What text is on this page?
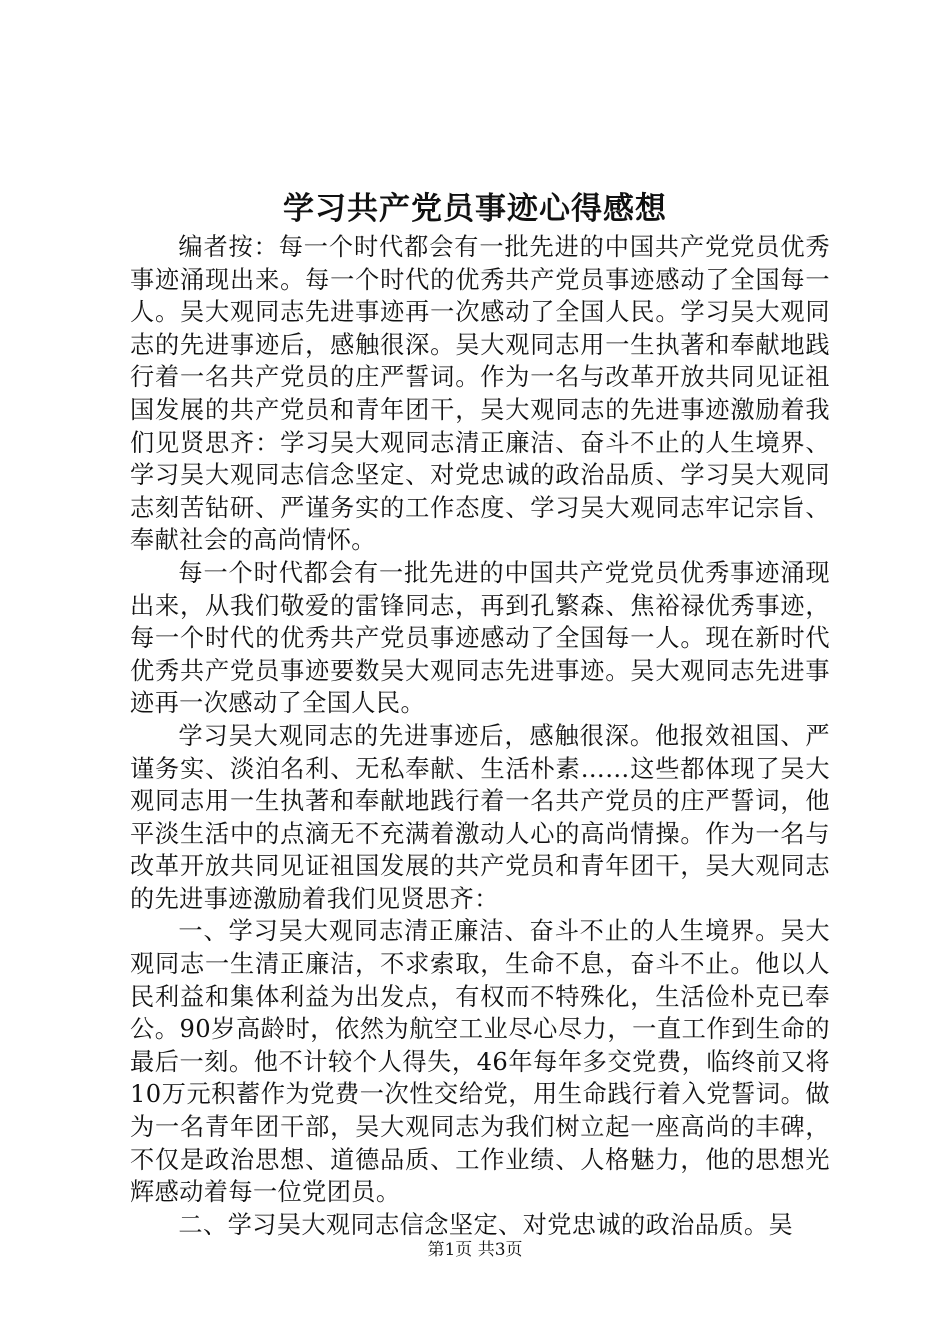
学习共产党员事迹心得感想

编者按：每一个时代都会有一批先进的中国共产党党员优秀事迹涌现出来。每一个时代的优秀共产党员事迹感动了全国每一人。吴大观同志先进事迹再一次感动了全国人民。学习吴大观同志的先进事迹后，感触很深。吴大观同志用一生执著和奉献地践行着一名共产党员的庄严誓词。作为一名与改革开放共同见证祖国发展的共产党员和青年团干，吴大观同志的先进事迹激励着我们见贤思齐：学习吴大观同志清正廉洁、奋斗不止的人生境界、学习吴大观同志信念坚定、对党忠诚的政治品质、学习吴大观同志刻苦钻研、严谨务实的工作态度、学习吴大观同志牢记宗旨、奉献社会的高尚情怀。

每一个时代都会有一批先进的中国共产党党员优秀事迹涌现出来，从我们敬爱的雷锋同志，再到孔繁森、焦裕禄优秀事迹，每一个时代的优秀共产党员事迹感动了全国每一人。现在新时代优秀共产党员事迹要数吴大观同志先进事迹。吴大观同志先进事迹再一次感动了全国人民。

学习吴大观同志的先进事迹后，感触很深。他报效祖国、严谨务实、淡泊名利、无私奉献、生活朴素……这些都体现了吴大观同志用一生执著和奉献地践行着一名共产党员的庄严誓词，他平淡生活中的点滴无不充满着激动人心的高尚情操。作为一名与改革开放共同见证祖国发展的共产党员和青年团干，吴大观同志的先进事迹激励着我们见贤思齐：

一、学习吴大观同志清正廉洁、奋斗不止的人生境界。吴大观同志一生清正廉洁，不求索取，生命不息，奋斗不止。他以人民利益和集体利益为出发点，有权而不特殊化，生活俭朴克已奉公。90岁高龄时，依然为航空工业尽心尽力，一直工作到生命的最后一刻。他不计较个人得失，46年每年多交党费，临终前又将10万元积蓄作为党费一次性交给党，用生命践行着入党誓词。做为一名青年团干部，吴大观同志为我们树立起一座高尚的丰碑，不仅是政治思想、道德品质、工作业绩、人格魅力，他的思想光辉感动着每一位党团员。

二、学习吴大观同志信念坚定、对党忠诚的政治品质。吴

第1页 共3页
